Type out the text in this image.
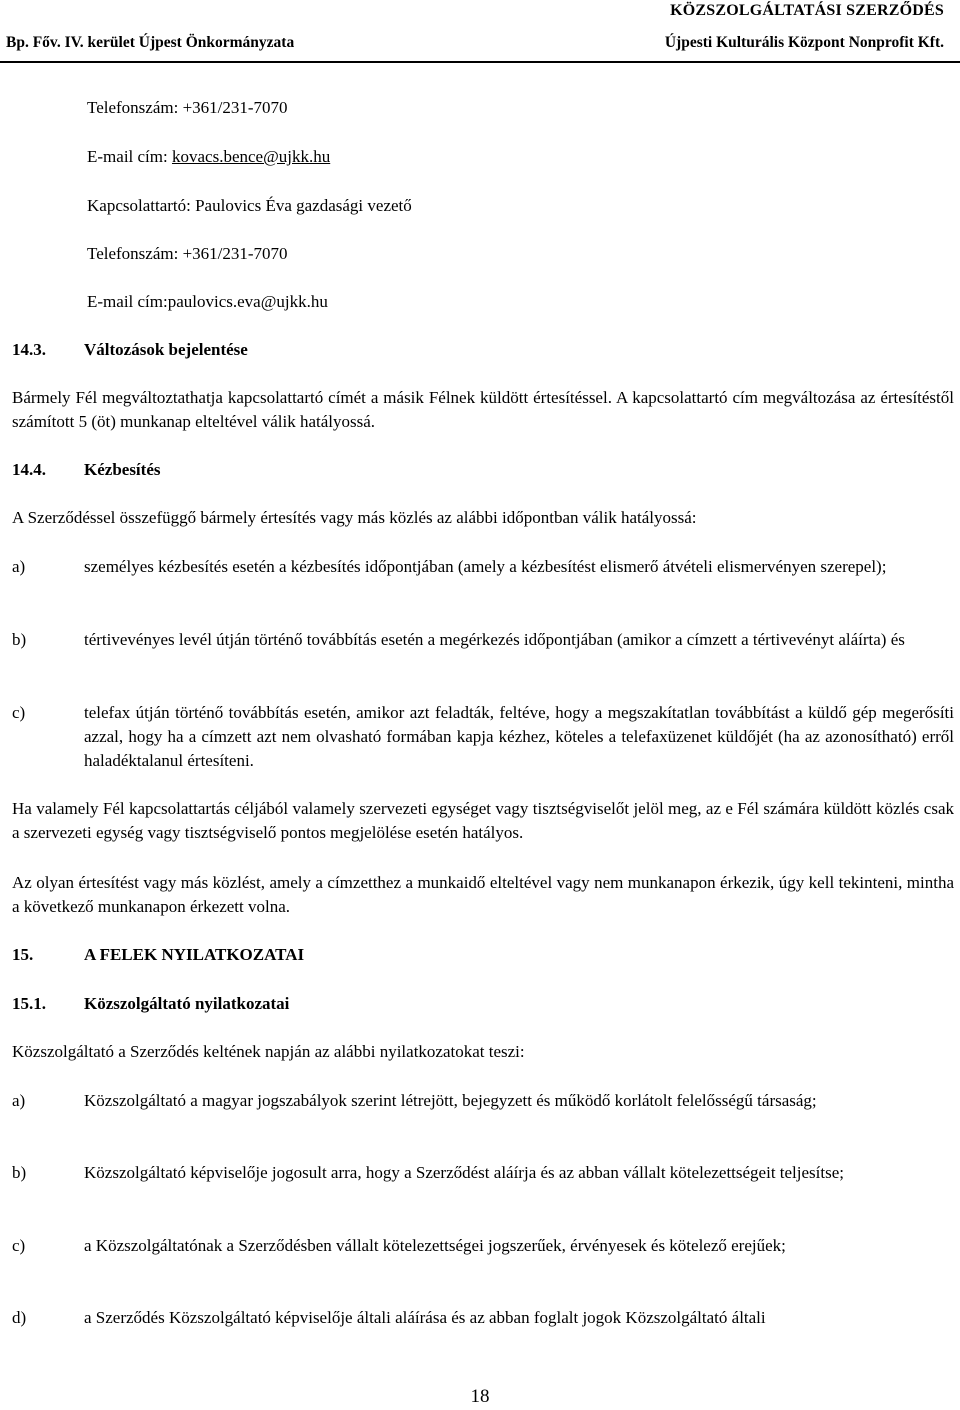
KÖZSZOLGÁLTATÁSI SZERZŐDÉS
Bp. Főv. IV. kerület Újpest Önkormányzata	Újpesti Kulturális Központ Nonprofit Kft.
Telefonszám: +361/231-7070
E-mail cím: kovacs.bence@ujkk.hu
Kapcsolattartó: Paulovics Éva gazdasági vezető
Telefonszám: +361/231-7070
E-mail cím:paulovics.eva@ujkk.hu
14.3. Változások bejelentése
Bármely Fél megváltoztathatja kapcsolattartó címét a másik Félnek küldött értesítéssel. A kapcsolattartó cím megváltozása az értesítéstől számított 5 (öt) munkanap elteltével válik hatályossá.
14.4. Kézbesítés
A Szerződéssel összefüggő bármely értesítés vagy más közlés az alábbi időpontban válik hatályossá:
a)	személyes kézbesítés esetén a kézbesítés időpontjában (amely a kézbesítést elismerő átvételi elismervényen szerepel);
b)	tértivevényes levél útján történő továbbítás esetén a megérkezés időpontjában (amikor a címzett a tértivevényt aláírta) és
c)	telefax útján történő továbbítás esetén, amikor azt feladták, feltéve, hogy a megszakítatlan továbbítást a küldő gép megerősíti azzal, hogy ha a címzett azt nem olvasható formában kapja kézhez, köteles a telefaxüzenet küldőjét (ha az azonosítható) erről haladéktalanul értesíteni.
Ha valamely Fél kapcsolattartás céljából valamely szervezeti egységet vagy tisztségviselőt jelöl meg, az e Fél számára küldött közlés csak a szervezeti egység vagy tisztségviselő pontos megjelölése esetén hatályos.
Az olyan értesítést vagy más közlést, amely a címzetthez a munkaidő elteltével vagy nem munkanapon érkezik, úgy kell tekinteni, mintha a következő munkanapon érkezett volna.
15.	A FELEK NYILATKOZATAI
15.1. Közszolgáltató nyilatkozatai
Közszolgáltató a Szerződés keltének napján az alábbi nyilatkozatokat teszi:
a)	Közszolgáltató a magyar jogszabályok szerint létrejött, bejegyzett és működő korlátolt felelősségű társaság;
b)	Közszolgáltató képviselője jogosult arra, hogy a Szerződést aláírja és az abban vállalt kötelezettségeit teljesítse;
c)	a Közszolgáltatónak a Szerződésben vállalt kötelezettségei jogszerűek, érvényesek és kötelező erejűek;
d)	a Szerződés Közszolgáltató képviselője általi aláírása és az abban foglalt jogok Közszolgáltató általi
18
